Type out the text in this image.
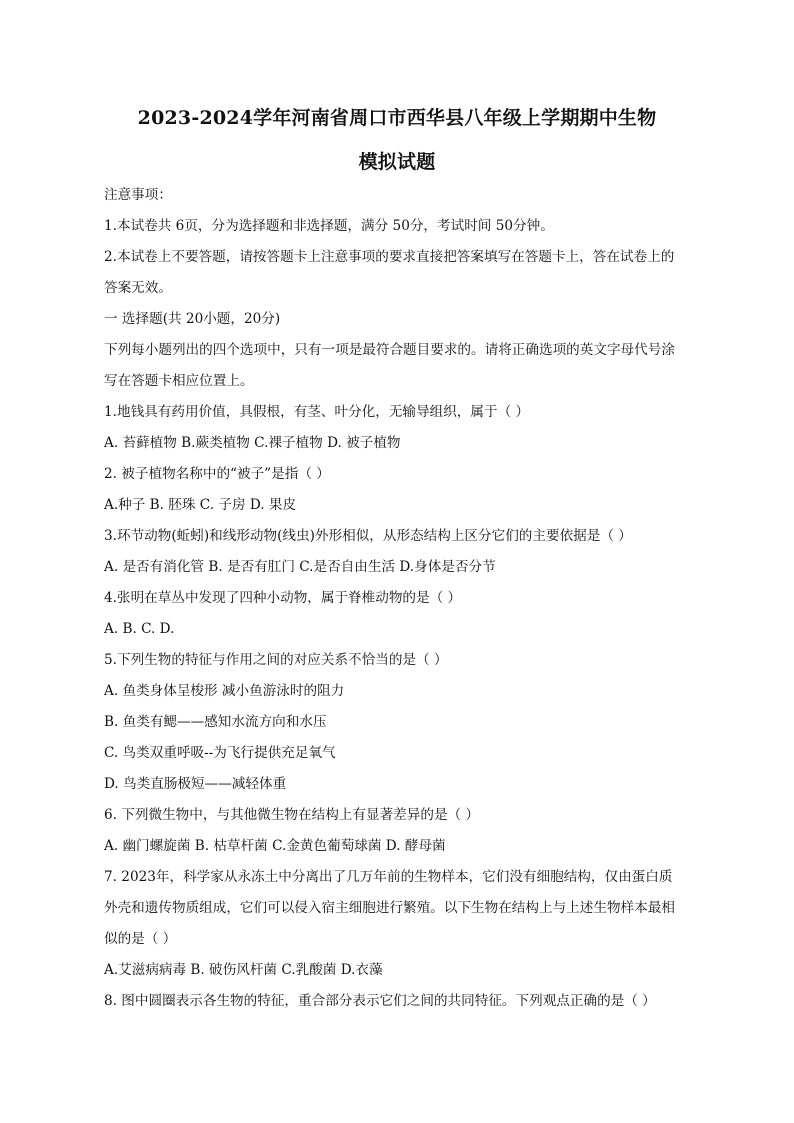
2023-2024学年河南省周口市西华县八年级上学期期中生物
模拟试题
注意事项：
1.本试卷共 6页，分为选择题和非选择题，满分 50分，考试时间 50分钟。
2.本试卷上不要答题，请按答题卡上注意事项的要求直接把答案填写在答题卡上，答在试卷上的
答案无效。
一 选择题(共 20小题，20分)
下列每小题列出的四个选项中，只有一项是最符合题目要求的。请将正确选项的英文字母代号涂
写在答题卡相应位置上。
1.地钱具有药用价值，具假根，有茎、叶分化，无输导组织，属于（ ）
A. 苔藓植物 B.蕨类植物 C.裸子植物 D. 被子植物
2. 被子植物名称中的“被子”是指（ ）
A.种子 B. 胚珠 C. 子房 D. 果皮
3.环节动物(蚯蚓)和线形动物(线虫)外形相似，从形态结构上区分它们的主要依据是（ ）
A. 是否有消化管 B. 是否有肛门 C.是否自由生活 D.身体是否分节
4.张明在草丛中发现了四种小动物，属于脊椎动物的是（ ）
A. B. C. D.
5.下列生物的特征与作用之间的对应关系不恰当的是（ ）
A. 鱼类身体呈梭形 减小鱼游泳时的阻力
B. 鱼类有鳃——感知水流方向和水压
C. 鸟类双重呼吸--为飞行提供充足氧气
D. 鸟类直肠极短——减轻体重
6. 下列微生物中，与其他微生物在结构上有显著差异的是（ ）
A. 幽门螺旋菌 B. 枯草杆菌 C.金黄色葡萄球菌 D. 酵母菌
7. 2023年，科学家从永冻土中分离出了几万年前的生物样本，它们没有细胞结构，仅由蛋白质
外壳和遗传物质组成，它们可以侵入宿主细胞进行繁殖。以下生物在结构上与上述生物样本最相
似的是（ ）
A.艾滋病病毒 B. 破伤风杆菌 C.乳酸菌 D.衣藻
8. 图中圆圈表示各生物的特征，重合部分表示它们之间的共同特征。下列观点正确的是（ ）
